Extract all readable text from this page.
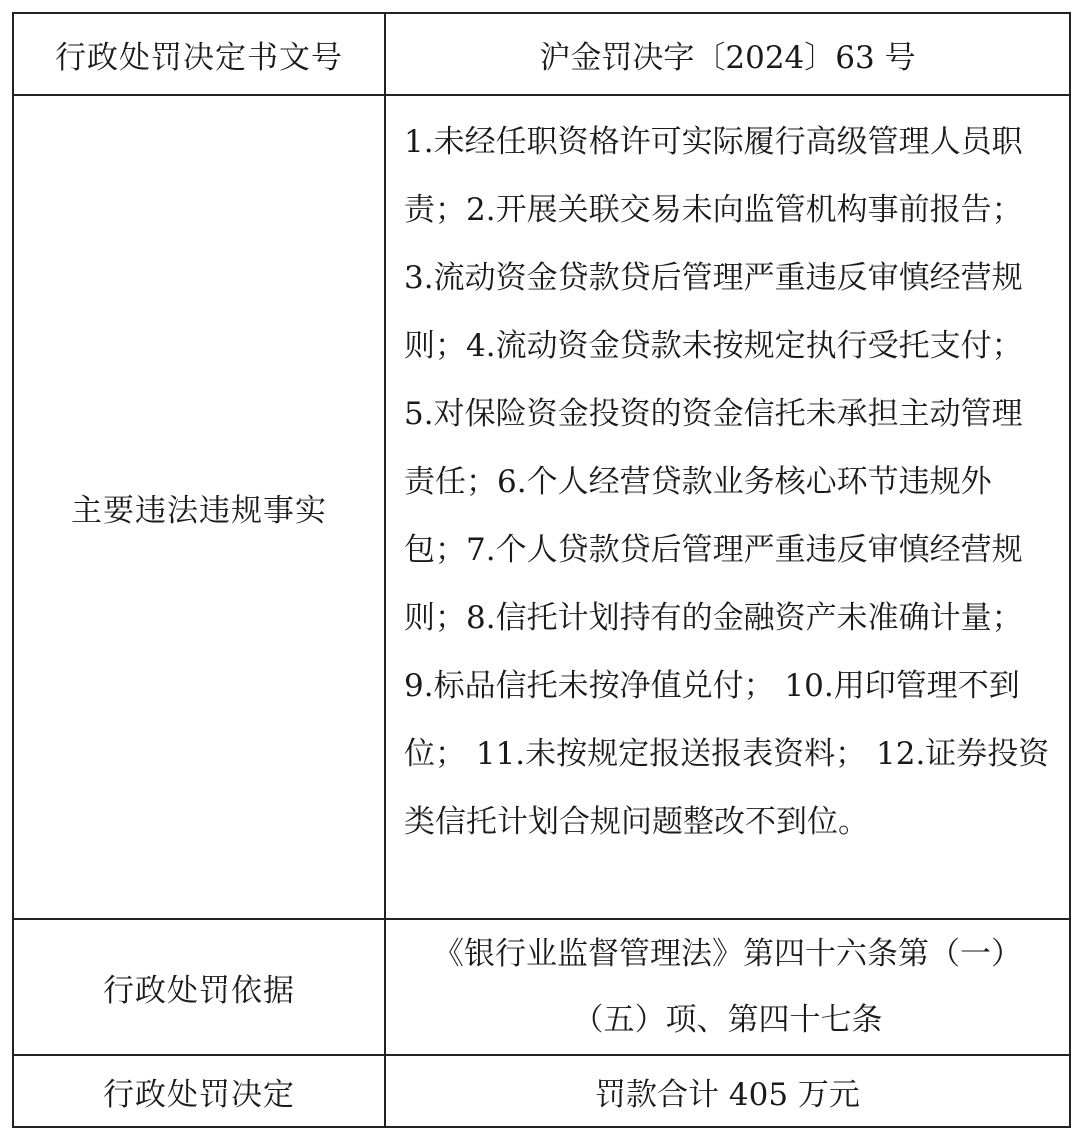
行政处罚决定书文号	沪金罚决字〔2024〕63 号
主要违法违规事实	1.未经任职资格许可实际履行高级管理人员职责；2.开展关联交易未向监管机构事前报告；3.流动资金贷款贷后管理严重违反审慎经营规则；4.流动资金贷款未按规定执行受托支付；5.对保险资金投资的资金信托未承担主动管理责任；6.个人经营贷款业务核心环节违规外包；7.个人贷款贷后管理严重违反审慎经营规则；8.信托计划持有的金融资产未准确计量； 9.标品信托未按净值兑付； 10.用印管理不到位； 11.未按规定报送报表资料； 12.证券投资类信托计划合规问题整改不到位。
行政处罚依据	《银行业监督管理法》第四十六条第（一）
（五）项、第四十七条

行政处罚决定	罚款合计 405 万元
